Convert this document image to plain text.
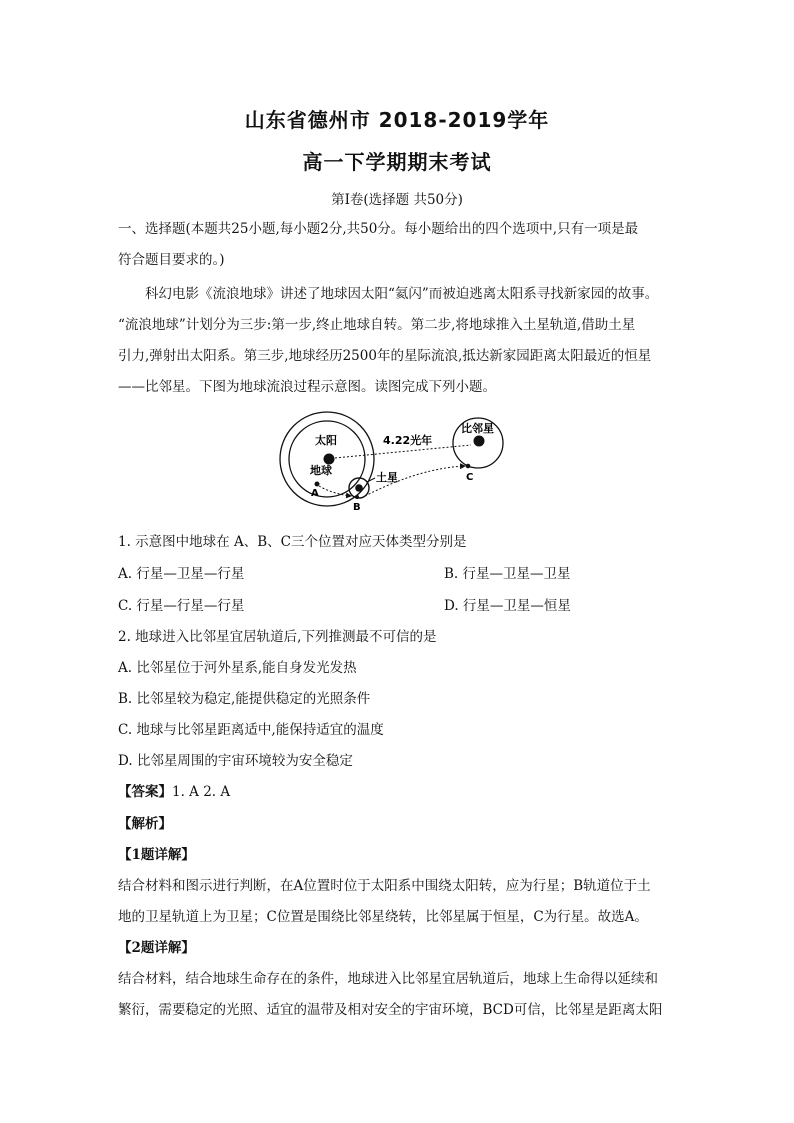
山东省德州市 2018-2019学年
高一下学期期末考试
第Ⅰ卷(选择题 共50分)
一、选择题(本题共25小题,每小题2分,共50分。每小题给出的四个选项中,只有一项是最
符合题目要求的。)
科幻电影《流浪地球》讲述了地球因太阳“氦闪”而被迫逃离太阳系寻找新家园的故事。
“流浪地球”计划分为三步:第一步,终止地球自转。第二步,将地球推入土星轨道,借助土星
引力,弹射出太阳系。第三步,地球经历2500年的星际流浪,抵达新家园距离太阳最近的恒星
——比邻星。下图为地球流浪过程示意图。读图完成下列小题。
太阳
地球
A
B
土星
比邻星
C
4.22光年
1. 示意图中地球在 A、B、C三个位置对应天体类型分别是
A. 行星—卫星—行星	B. 行星—卫星—卫星
C. 行星—行星—行星	D. 行星—卫星—恒星
2. 地球进入比邻星宜居轨道后,下列推测最不可信的是
A. 比邻星位于河外星系,能自身发光发热
B. 比邻星较为稳定,能提供稳定的光照条件
C. 地球与比邻星距离适中,能保持适宜的温度
D. 比邻星周围的宇宙环境较为安全稳定
【答案】1. A 2. A
【解析】
【1题详解】
结合材料和图示进行判断，在A位置时位于太阳系中围绕太阳转，应为行星；B轨道位于土
地的卫星轨道上为卫星；C位置是围绕比邻星绕转，比邻星属于恒星，C为行星。故选A。
【2题详解】
结合材料，结合地球生命存在的条件，地球进入比邻星宜居轨道后，地球上生命得以延续和
繁衍，需要稳定的光照、适宜的温带及相对安全的宇宙环境，BCD可信，比邻星是距离太阳
